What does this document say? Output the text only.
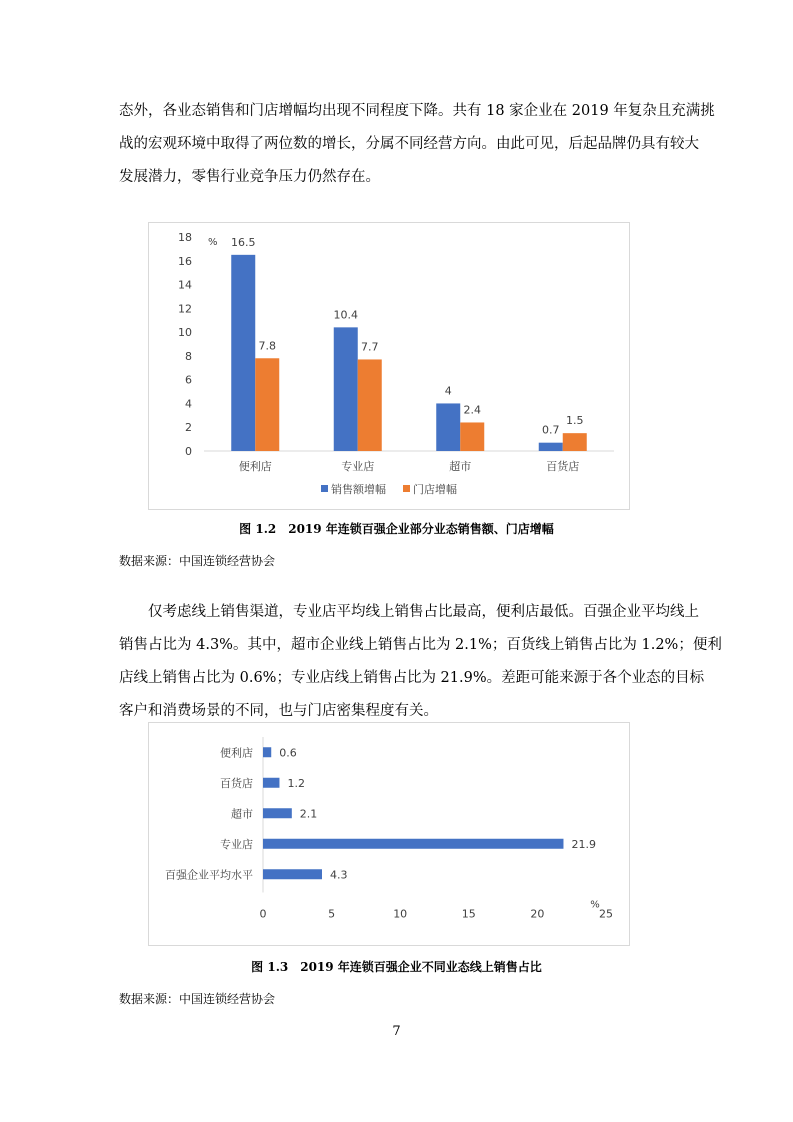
态外，各业态销售和门店增幅均出现不同程度下降。共有 18 家企业在 2019 年复杂且充满挑
战的宏观环境中取得了两位数的增长，分属不同经营方向。由此可见，后起品牌仍具有较大
发展潜力，零售行业竞争压力仍然存在。
0
2
4
6
8
10
12
14
16
18 % 16.5
7.8
便利店
10.4
7.7
专业店
4
2.4
超市
0.7
1.5
百货店
销售额增幅 门店增幅
图 1.2　2019 年连锁百强企业部分业态销售额、门店增幅
数据来源：中国连锁经营协会
仅考虑线上销售渠道，专业店平均线上销售占比最高，便利店最低。百强企业平均线上
销售占比为 4.3%。其中，超市企业线上销售占比为 2.1%；百货线上销售占比为 1.2%；便利
店线上销售占比为 0.6%；专业店线上销售占比为 21.9%。差距可能来源于各个业态的目标
客户和消费场景的不同，也与门店密集程度有关。
便利店 0.6
百货店	1.2
超市	2.1
专业店	21.9
百强企业平均水平	4.3
0	5	10	15	20	25
%
图 1.3　2019 年连锁百强企业不同业态线上销售占比
数据来源：中国连锁经营协会
7
